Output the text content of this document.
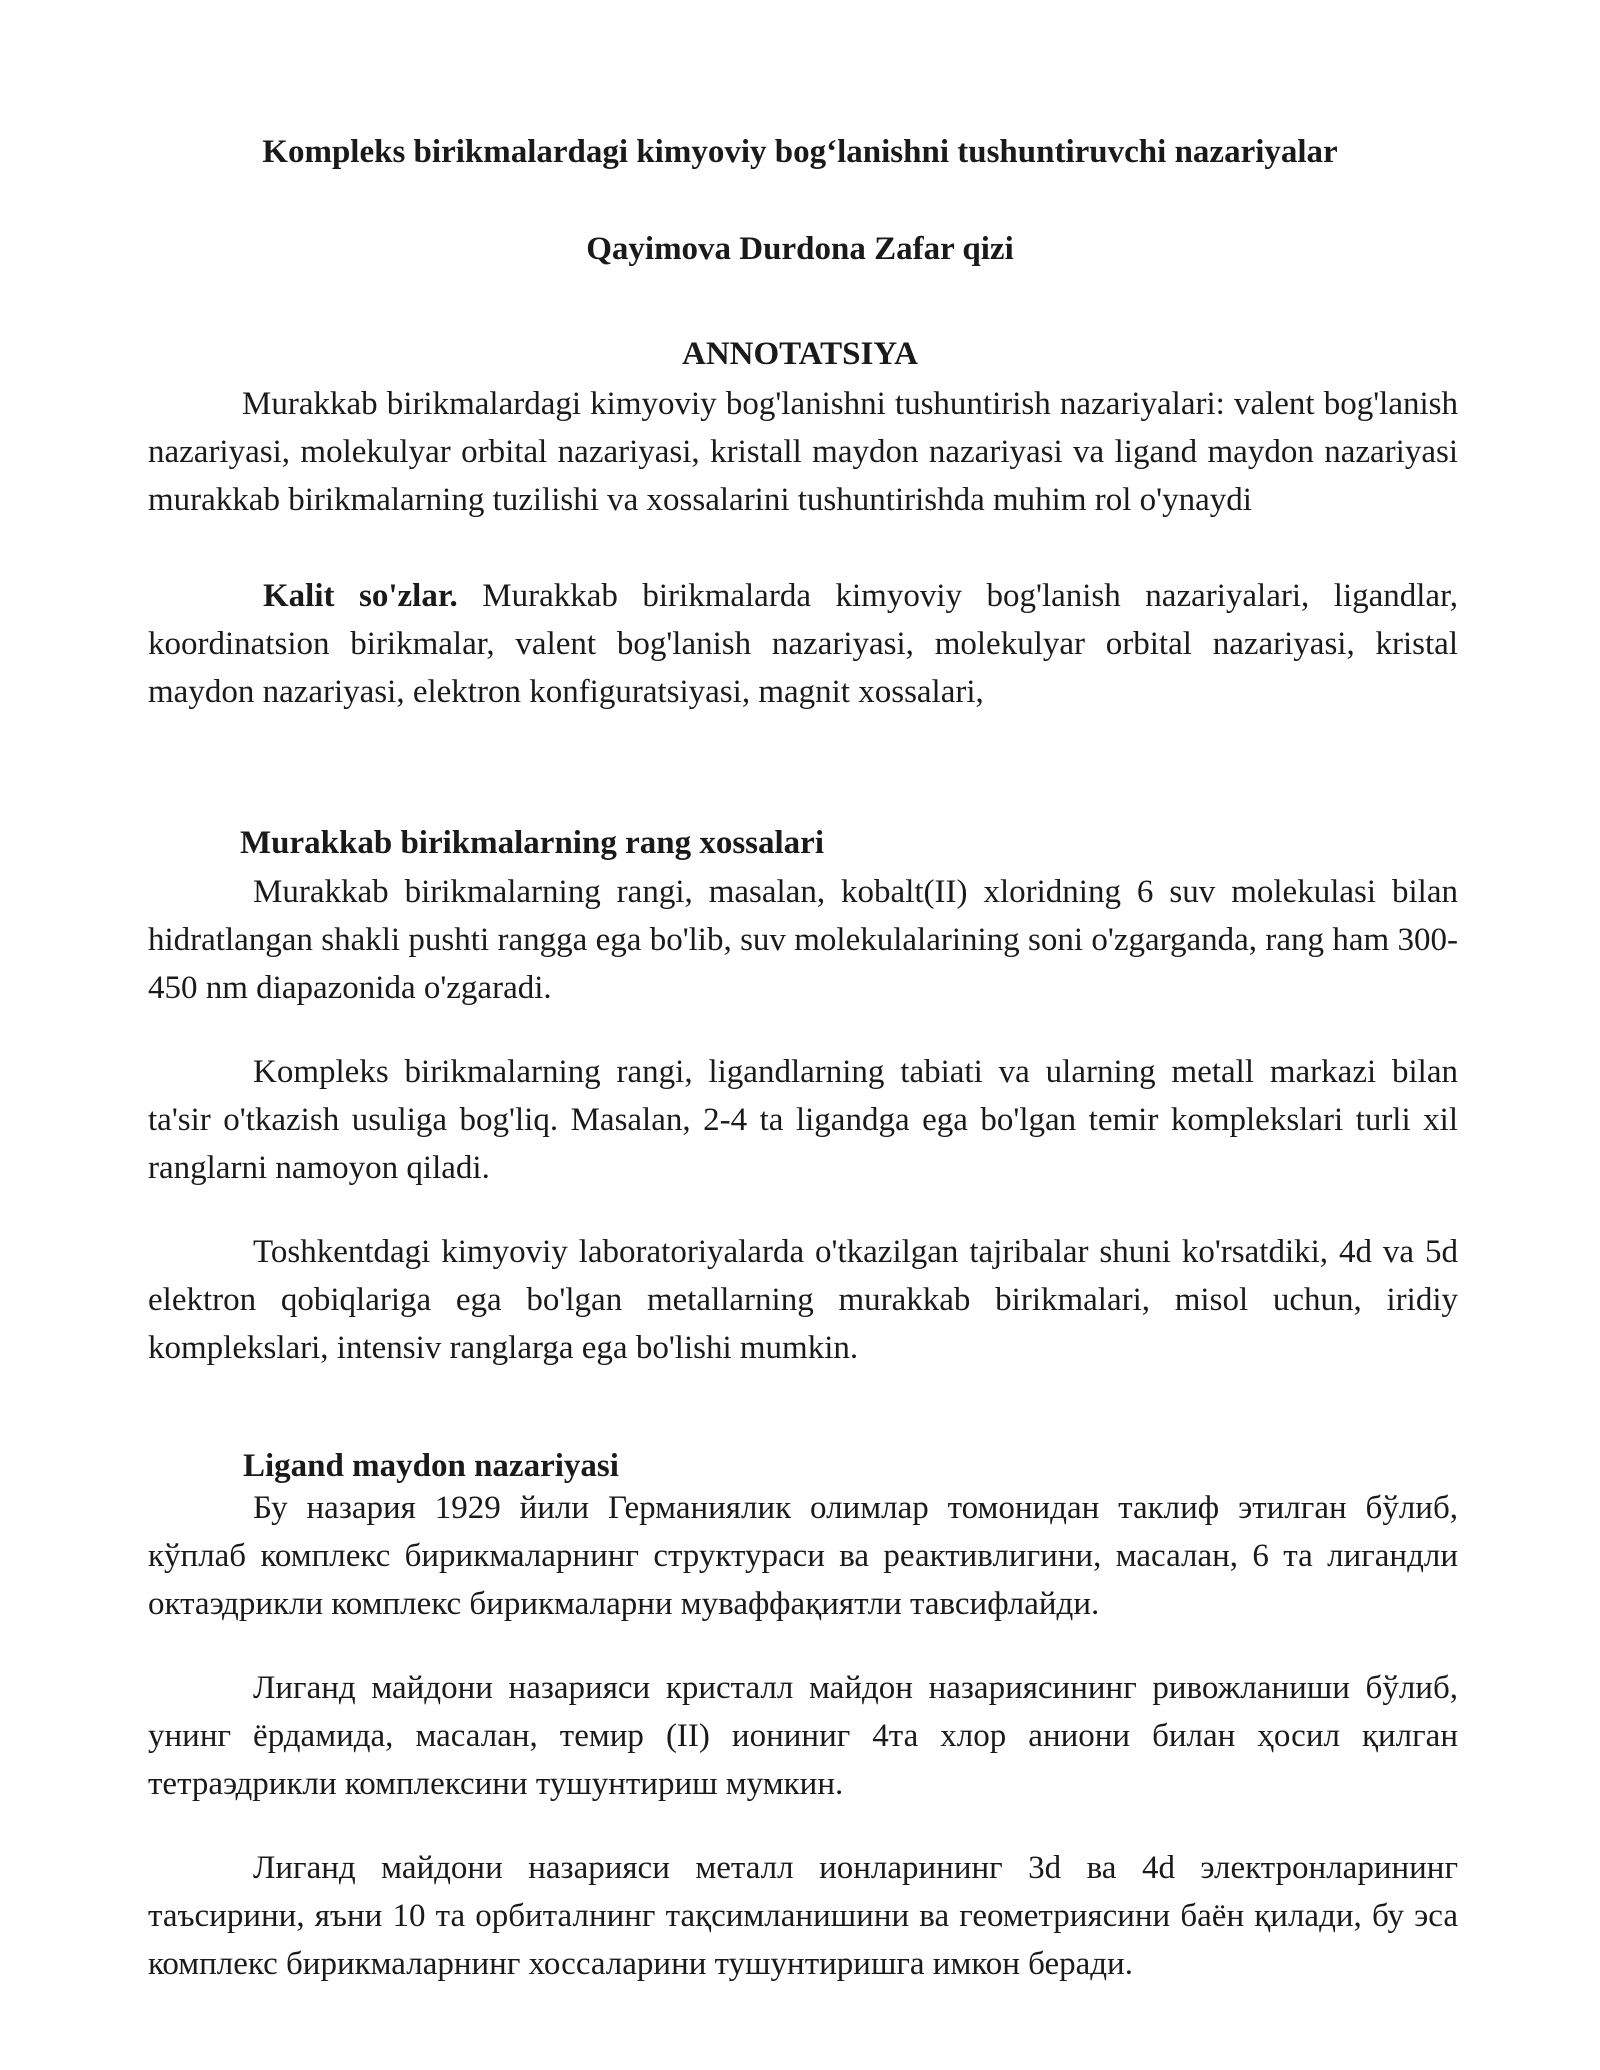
Kompleks birikmalardagi kimyoviy bog‘lanishni tushuntiruvchi nazariyalar

Qayimova Durdona Zafar qizi

ANNOTATSIYA

Murakkab birikmalardagi kimyoviy bog'lanishni tushuntirish nazariyalari: valent bog'lanish nazariyasi, molekulyar orbital nazariyasi, kristall maydon nazariyasi va ligand maydon nazariyasi murakkab birikmalarning tuzilishi va xossalarini tushuntirishda muhim rol o'ynaydi

Kalit so'zlar. Murakkab birikmalarda kimyoviy bog'lanish nazariyalari, ligandlar, koordinatsion birikmalar, valent bog'lanish nazariyasi, molekulyar orbital nazariyasi, kristal maydon nazariyasi, elektron konfiguratsiyasi, magnit xossalari,

Murakkab birikmalarning rang xossalari

Murakkab birikmalarning rangi, masalan, kobalt(II) xloridning 6 suv molekulasi bilan hidratlangan shakli pushti rangga ega bo'lib, suv molekulalarining soni o'zgarganda, rang ham 300-450 nm diapazonida o'zgaradi.

Kompleks birikmalarning rangi, ligandlarning tabiati va ularning metall markazi bilan ta'sir o'tkazish usuliga bog'liq. Masalan, 2-4 ta ligandga ega bo'lgan temir komplekslari turli xil ranglarni namoyon qiladi.

Toshkentdagi kimyoviy laboratoriyalarda o'tkazilgan tajribalar shuni ko'rsatdiki, 4d va 5d elektron qobiqlariga ega bo'lgan metallarning murakkab birikmalari, misol uchun, iridiy komplekslari, intensiv ranglarga ega bo'lishi mumkin.

Ligand maydon nazariyasi

Бу назария 1929 йили Германиялик олимлар томонидан таклиф этилган бўлиб, кўплаб комплекс бирикмаларнинг структураси ва реактивлигини, масалан, 6 та лигандли октаэдрикли комплекс бирикмаларни муваффақиятли тавсифлайди.

Лиганд майдони назарияси кристалл майдон назариясининг ривожланиши бўлиб, унинг ёрдамида, масалан, темир (II) иониниг 4та хлор аниони билан ҳосил қилган тетраэдрикли комплексини тушунтириш мумкин.

Лиганд майдони назарияси металл ионларининг 3d ва 4d электронларининг таъсирини, яъни 10 та орбиталнинг тақсимланишини ва геометриясини баён қилади, бу эса комплекс бирикмаларнинг хоссаларини тушунтиришга имкон беради.
